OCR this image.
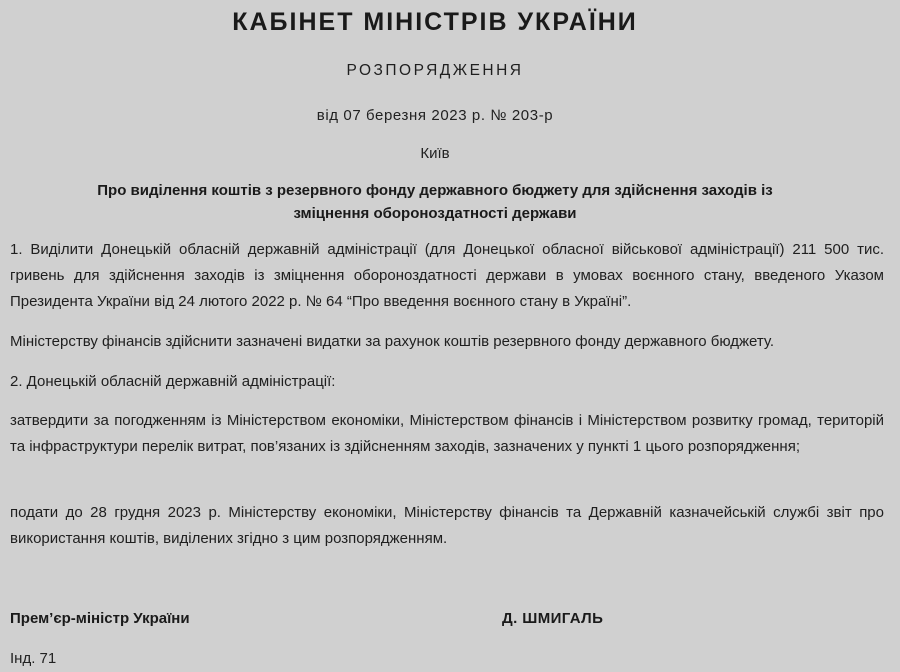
КАБІНЕТ МІНІСТРІВ УКРАЇНИ
РОЗПОРЯДЖЕННЯ
від 07 березня 2023 р. № 203-р
Київ
Про виділення коштів з резервного фонду державного бюджету для здійснення заходів із зміцнення обороноздатності держави
1. Виділити Донецькій обласній державній адміністрації (для Донецької обласної військової адміністрації) 211 500 тис. гривень для здійснення заходів із зміцнення обороноздатності держави в умовах воєнного стану, введеного Указом Президента України від 24 лютого 2022 р. № 64 “Про введення воєнного стану в Україні”.
Міністерству фінансів здійснити зазначені видатки за рахунок коштів резервного фонду державного бюджету.
2. Донецькій обласній державній адміністрації:
затвердити за погодженням із Міністерством економіки, Міністерством фінансів і Міністерством розвитку громад, територій та інфраструктури перелік витрат, пов’язаних із здійсненням заходів, зазначених у пункті 1 цього розпорядження;
подати до 28 грудня 2023 р. Міністерству економіки, Міністерству фінансів та Державній казначейській службі звіт про використання коштів, виділених згідно з цим розпорядженням.
Прем’єр-міністр України	Д. ШМИГАЛЬ
Інд. 71
